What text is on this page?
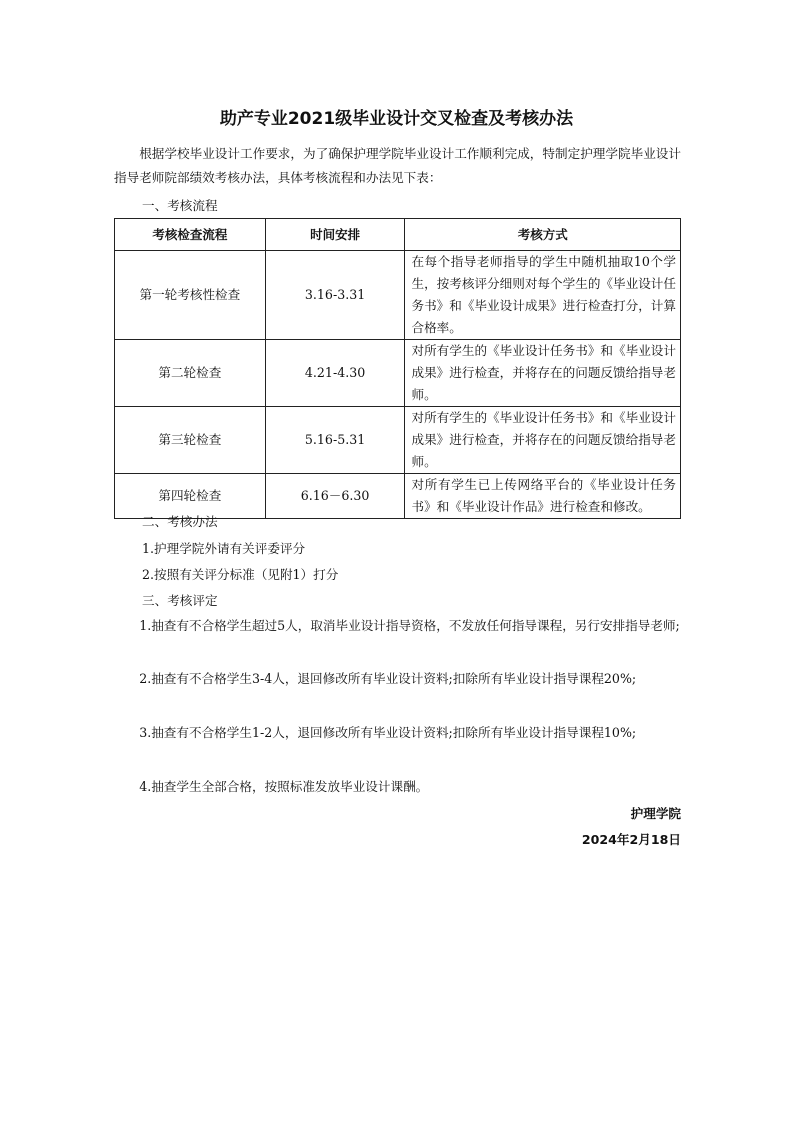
助产专业2021级毕业设计交叉检查及考核办法

根据学校毕业设计工作要求，为了确保护理学院毕业设计工作顺利完成，特制定护理学院毕业设计指导老师院部绩效考核办法，具体考核流程和办法见下表：

一、考核流程
考核检查流程	时间安排	考核方式
第一轮考核性检查	3.16-3.31	在每个指导老师指导的学生中随机抽取10个学生，按考核评分细则对每个学生的《毕业设计任务书》和《毕业设计成果》进行检查打分，计算合格率。
第二轮检查	4.21-4.30	对所有学生的《毕业设计任务书》和《毕业设计成果》进行检查，并将存在的问题反馈给指导老师。
第三轮检查	5.16-5.31	对所有学生的《毕业设计任务书》和《毕业设计成果》进行检查，并将存在的问题反馈给指导老师。
第四轮检查	6.16－6.30	对所有学生已上传网络平台的《毕业设计任务书》和《毕业设计作品》进行检查和修改。
二、考核办法
1.护理学院外请有关评委评分
2.按照有关评分标准（见附1）打分
三、考核评定

1.抽查有不合格学生超过5人，取消毕业设计指导资格，不发放任何指导课程，另行安排指导老师;

2.抽查有不合格学生3-4人，退回修改所有毕业设计资料;扣除所有毕业设计指导课程20%;

3.抽查有不合格学生1-2人，退回修改所有毕业设计资料;扣除所有毕业设计指导课程10%;

4.抽查学生全部合格，按照标准发放毕业设计课酬。

护理学院
2024年2月18日
